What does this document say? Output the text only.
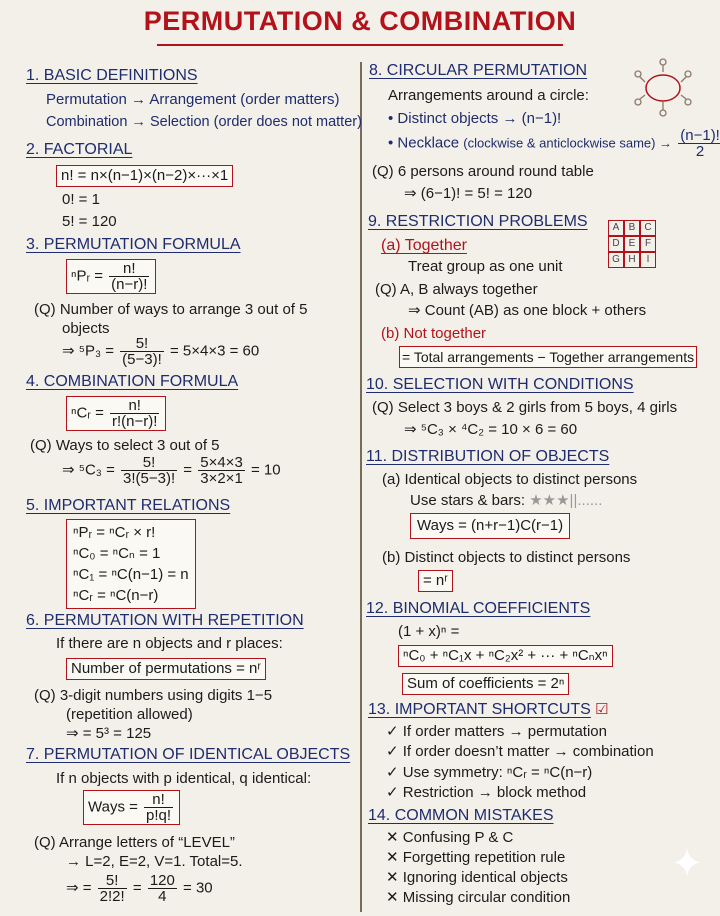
PERMUTATION & COMBINATION
1. BASIC DEFINITIONS
Permutation → Arrangement (order matters)
Combination → Selection (order does not matter)
2. FACTORIAL
n! = n×(n−1)×(n−2)×···×1
0! = 1
5! = 120
3. PERMUTATION FORMULA
ⁿPᵣ = $\frac{n!}{(n-r)!}$
(Q) Number of ways to arrange 3 out of 5
objects
⇒ $^5P_3 = \frac{5!}{(5-3)!} = 5\times 4\times 3 = 60$
4. COMBINATION FORMULA
ⁿCᵣ = $\frac{n!}{r!(n-r)!}$
(Q) Ways to select 3 out of 5
⇒ $^5C_3 = \frac{5!}{3!(5-3)!} = \frac{5\times 4\times 3}{3\times 2\times 1} = 10$
5. IMPORTANT RELATIONS
ⁿPᵣ = ⁿCᵣ × r!
ⁿC₀ = ⁿCₙ = 1
ⁿC₁ = ⁿC(n−1) = n
ⁿCᵣ = ⁿC(n−r)
6. PERMUTATION WITH REPETITION
If there are n objects and r places:
Number of permutations = nʳ
(Q) 3-digit numbers using digits 1−5
(repetition allowed)
⇒ = 5³ = 125
7. PERMUTATION OF IDENTICAL OBJECTS
If n objects with p identical, q identical:
Ways = $\frac{n!}{p!q!}$
(Q) Arrange letters of “LEVEL”
→ L=2, E=2, V=1. Total=5.
⇒ = $\frac{5!}{2!2!} = \frac{120}{4} = 30$
8. CIRCULAR PERMUTATION
Arrangements around a circle:
• Distinct objects → (n−1)!
• Necklace (clockwise & anticlockwise same) → $\frac{(n-1)!}{2}$
(Q) 6 persons around round table
⇒ (6−1)! = 5! = 120
9. RESTRICTION PROBLEMS	A B C
D E F
G H	I
(a) Together
Treat group as one unit
(Q) A, B always together
⇒ Count (AB) as one block + others
(b) Not together
= Total arrangements − Together arrangements
10. SELECTION WITH CONDITIONS
(Q) Select 3 boys & 2 girls from 5 boys, 4 girls
⇒ ⁵C₃ × ⁴C₂ = 10 × 6 = 60
11. DISTRIBUTION OF OBJECTS
(a) Identical objects to distinct persons
Use stars & bars: ★★★||......
Ways = (n+r−1)C(r−1)
(b) Distinct objects to distinct persons
= nʳ
12. BINOMIAL COEFFICIENTS
(1 + x)ⁿ =
ⁿC₀ + ⁿC₁x + ⁿC₂x² + ··· + ⁿCₙxⁿ
Sum of coefficients = 2ⁿ
13. IMPORTANT SHORTCUTS ☑
✓ If order matters → permutation
✓ If order doesn’t matter → combination
✓ Use symmetry: ⁿCᵣ = ⁿC(n−r)
✓ Restriction → block method
14. COMMON MISTAKES
✕ Confusing P & C
✕ Forgetting repetition rule
✕ Ignoring identical objects
✕ Missing circular condition
✦
